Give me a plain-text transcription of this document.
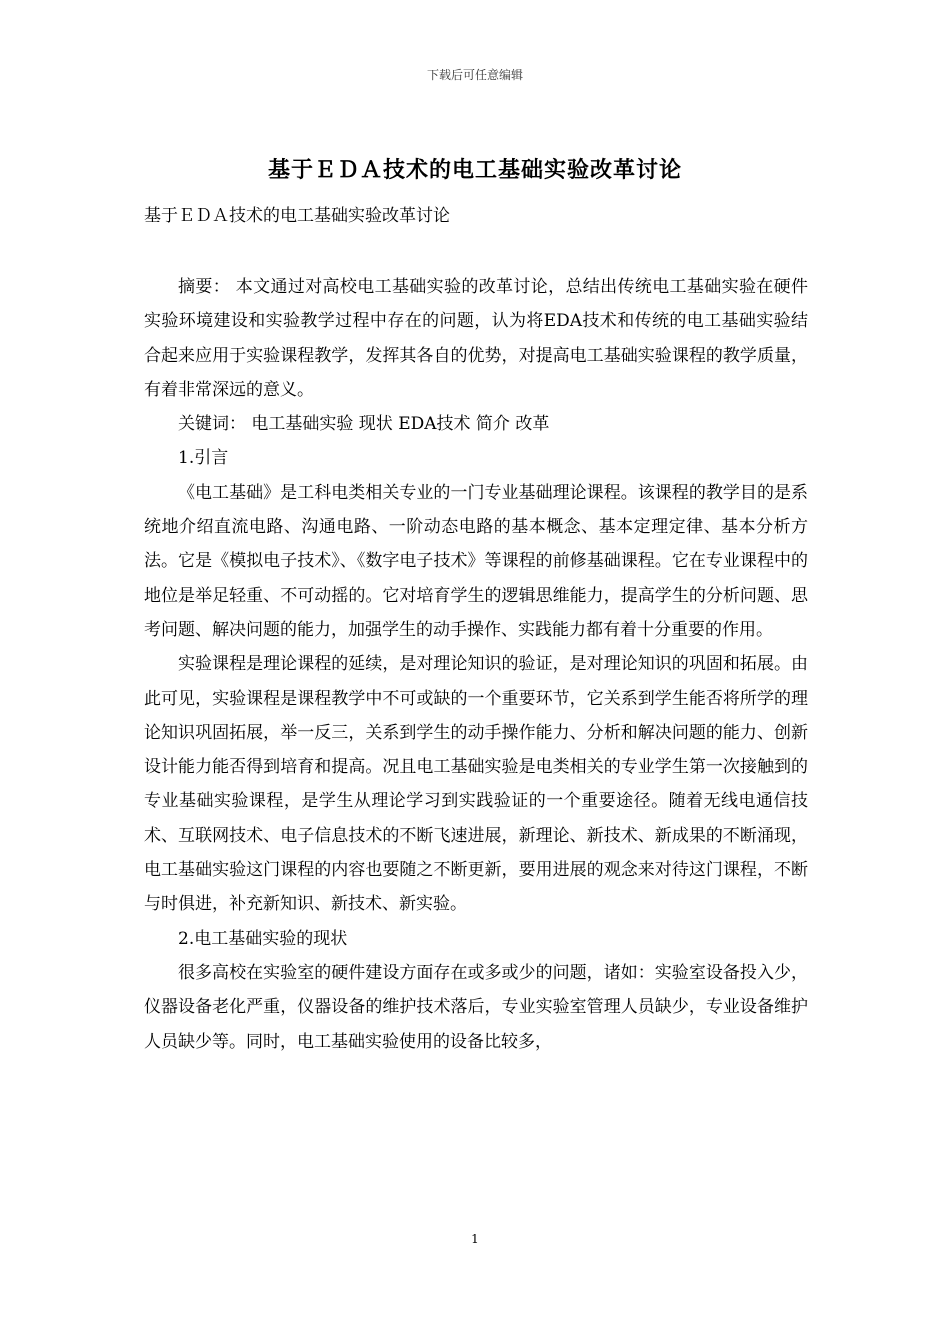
下载后可任意编辑
基于ＥＤＡ技术的电工基础实验改革讨论
基于ＥＤＡ技术的电工基础实验改革讨论

摘要： 本文通过对高校电工基础实验的改革讨论，总结出传统电工基础实验在硬件实验环境建设和实验教学过程中存在的问题，认为将EDA技术和传统的电工基础实验结合起来应用于实验课程教学，发挥其各自的优势，对提高电工基础实验课程的教学质量，有着非常深远的意义。

关键词： 电工基础实验 现状 EDA技术 简介 改革

1.引言

《电工基础》是工科电类相关专业的一门专业基础理论课程。该课程的教学目的是系统地介绍直流电路、沟通电路、一阶动态电路的基本概念、基本定理定律、基本分析方法。它是《模拟电子技术》、《数字电子技术》等课程的前修基础课程。它在专业课程中的地位是举足轻重、不可动摇的。它对培育学生的逻辑思维能力，提高学生的分析问题、思考问题、解决问题的能力，加强学生的动手操作、实践能力都有着十分重要的作用。

实验课程是理论课程的延续，是对理论知识的验证，是对理论知识的巩固和拓展。由此可见，实验课程是课程教学中不可或缺的一个重要环节，它关系到学生能否将所学的理论知识巩固拓展，举一反三，关系到学生的动手操作能力、分析和解决问题的能力、创新设计能力能否得到培育和提高。况且电工基础实验是电类相关的专业学生第一次接触到的专业基础实验课程，是学生从理论学习到实践验证的一个重要途径。随着无线电通信技术、互联网技术、电子信息技术的不断飞速进展，新理论、新技术、新成果的不断涌现，电工基础实验这门课程的内容也要随之不断更新，要用进展的观念来对待这门课程，不断与时俱进，补充新知识、新技术、新实验。

2.电工基础实验的现状

很多高校在实验室的硬件建设方面存在或多或少的问题，诸如：实验室设备投入少，仪器设备老化严重，仪器设备的维护技术落后，专业实验室管理人员缺少，专业设备维护人员缺少等。同时，电工基础实验使用的设备比较多，

1
